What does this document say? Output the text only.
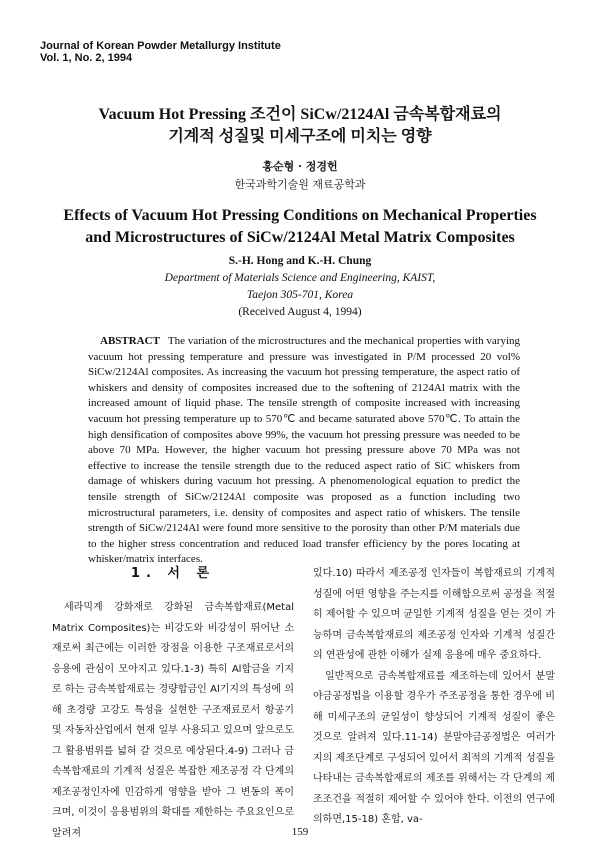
Journal of Korean Powder Metallurgy Institute
Vol. 1, No. 2, 1994
Vacuum Hot Pressing 조건이 SiCw/2124Al 금속복합재료의
기계적 성질및 미세구조에 미치는 영향
홍순형 · 정경헌
한국과학기술원 재료공학과
Effects of Vacuum Hot Pressing Conditions on Mechanical Properties
and Microstructures of SiCw/2124Al Metal Matrix Composites
S.-H. Hong and K.-H. Chung
Department of Materials Science and Engineering, KAIST,
Taejon 305-701, Korea
(Received August 4, 1994)
ABSTRACT The variation of the microstructures and the mechanical properties with varying vacuum hot pressing temperature and pressure was investigated in P/M processed 20 vol% SiCw/2124Al composites. As increasing the vacuum hot pressing temperature, the aspect ratio of whiskers and density of composites increased due to the softening of 2124Al matrix with the increased amount of liquid phase. The tensile strength of composite increased with increasing vacuum hot pressing temperature up to 570℃ and became saturated above 570℃. To attain the high densification of composites above 99%, the vacuum hot pressing pressure was needed to be above 70 MPa. However, the higher vacuum hot pressing pressure above 70 MPa was not effective to increase the tensile strength due to the reduced aspect ratio of SiC whiskers from damage of whiskers during vacuum hot pressing. A phenomenological equation to predict the tensile strength of SiCw/2124Al composite was proposed as a function including two microstructural parameters, i.e. density of composites and aspect ratio of whiskers. The tensile strength of SiCw/2124Al were found more sensitive to the porosity than other P/M materials due to the higher stress concentration and reduced load transfer efficiency by the pores locating at whisker/matrix interfaces.
1. 서 론
세라믹계 강화재로 강화된 금속복합재료(Metal Matrix Composites)는 비강도와 비강성이 뛰어난 소재로써 최근에는 이러한 장점을 이용한 구조재료로서의 응용에 관심이 모아지고 있다.1-3) 특히 Al합금을 기지로 하는 금속복합재료는 경량합금인 Al기지의 특성에 의해 초경량 고강도 특성을 실현한 구조재료로서 항공기 및 자동차산업에서 현재 일부 사용되고 있으며 앞으로도 그 활용범위를 넓혀 갈 것으로 예상된다.4-9) 그러나 금속복합재료의 기계적 성질은 복잡한 제조공정 각 단계의 제조공정인자에 민감하게 영향을 받아 그 변동의 폭이 크며, 이것이 응용범위의 확대를 제한하는 주요요인으로 알려져
있다.10) 따라서 제조공정 인자들이 복합재료의 기계적 성질에 어떤 영향을 주는지를 이해함으로써 공정을 적절히 제어할 수 있으며 균일한 기계적 성질을 얻는 것이 가능하며 금속복합재료의 제조공정 인자와 기계적 성질간의 연관성에 관한 이해가 실제 응용에 매우 중요하다.
일반적으로 금속복합재료를 제조하는데 있어서 분말야금공정법을 이용할 경우가 주조공정을 통한 경우에 비해 미세구조의 균일성이 향상되어 기계적 성질이 좋은 것으로 알려져 있다.11-14) 분말야금공정법은 여러가지의 제조단계로 구성되어 있어서 최적의 기계적 성질을 나타내는 금속복합재료의 제조를 위해서는 각 단계의 제조조건을 적절히 제어할 수 있어야 한다. 이전의 연구에 의하면,15-18) 혼합, va-
159
